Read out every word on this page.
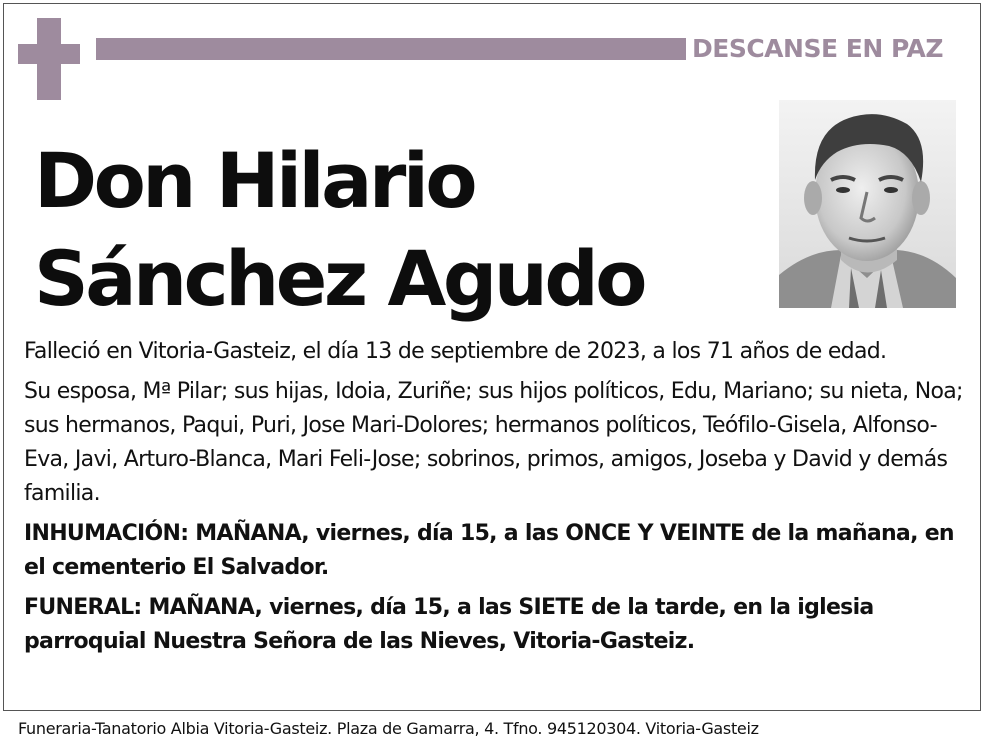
DESCANSE EN PAZ
Don Hilario
Sánchez Agudo

Falleció en Vitoria-Gasteiz, el día 13 de septiembre de 2023, a los 71 años de edad.

Su esposa, Mª Pilar; sus hijas, Idoia, Zuriñe; sus hijos políticos, Edu, Mariano; su nieta, Noa; sus hermanos, Paqui, Puri, Jose Mari-Dolores; hermanos políticos, Teófilo-Gisela, Alfonso-Eva, Javi, Arturo-Blanca, Mari Feli-Jose; sobrinos, primos, amigos, Joseba y David y demás familia.

INHUMACIÓN: MAÑANA, viernes, día 15, a las ONCE Y VEINTE de la mañana, en el cementerio El Salvador.

FUNERAL: MAÑANA, viernes, día 15, a las SIETE de la tarde, en la iglesia parroquial Nuestra Señora de las Nieves, Vitoria-Gasteiz.

Funeraria-Tanatorio Albia Vitoria-Gasteiz. Plaza de Gamarra, 4. Tfno. 945120304. Vitoria-Gasteiz
